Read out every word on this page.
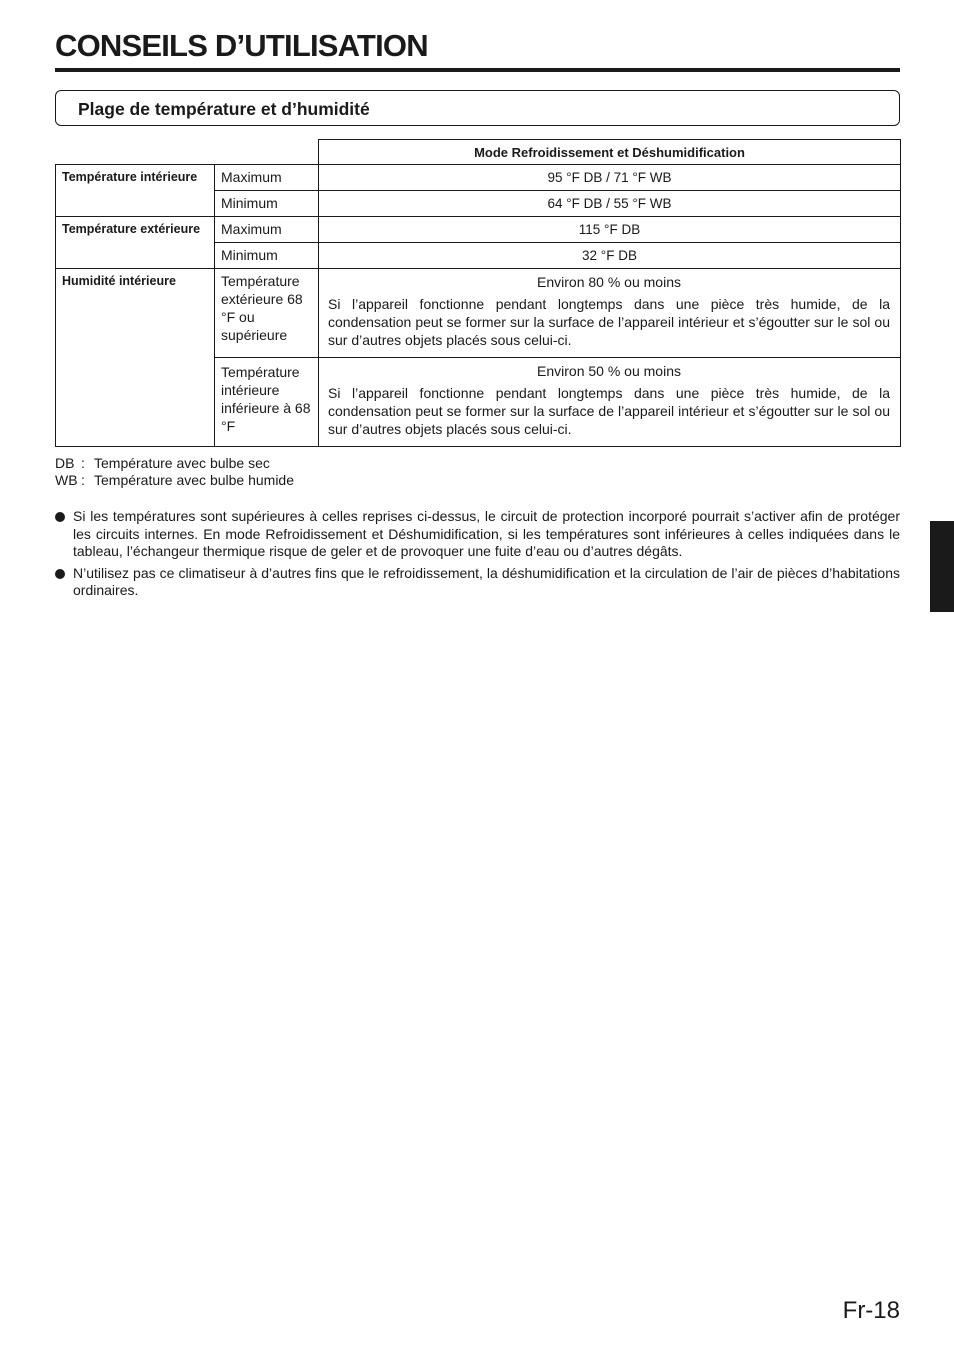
CONSEILS D’UTILISATION
Plage de température et d’humidité
		Mode Refroidissement et Déshumidification
Température intérieure	Maximum	95 °F DB / 71 °F WB
	Minimum	64 °F DB / 55 °F WB
Température extérieure	Maximum	115 °F DB
	Minimum	32 °F DB
Humidité intérieure	Température extérieure 68 °F ou supérieure	Environ 80 % ou moins
Si l’appareil fonctionne pendant longtemps dans une pièce très humide, de la condensation peut se former sur la surface de l’appareil intérieur et s’égoutter sur le sol ou sur d’autres objets placés sous celui-ci.

	Température intérieure inférieure à 68 °F	Environ 50 % ou moins
Si l’appareil fonctionne pendant longtemps dans une pièce très humide, de la condensation peut se former sur la surface de l’appareil intérieur et s’égoutter sur le sol ou sur d’autres objets placés sous celui-ci.
DB : Température avec bulbe sec
WB : Température avec bulbe humide
Si les températures sont supérieures à celles reprises ci-dessus, le circuit de protection incorporé pourrait s’activer afin de protéger les circuits internes. En mode Refroidissement et Déshumidification, si les températures sont inférieures à celles indiquées dans le tableau, l’échangeur thermique risque de geler et de provoquer une fuite d’eau ou d’autres dégâts.
N’utilisez pas ce climatiseur à d’autres fins que le refroidissement, la déshumidification et la circulation de l’air de pièces d’habitations ordinaires.
Fr-18
